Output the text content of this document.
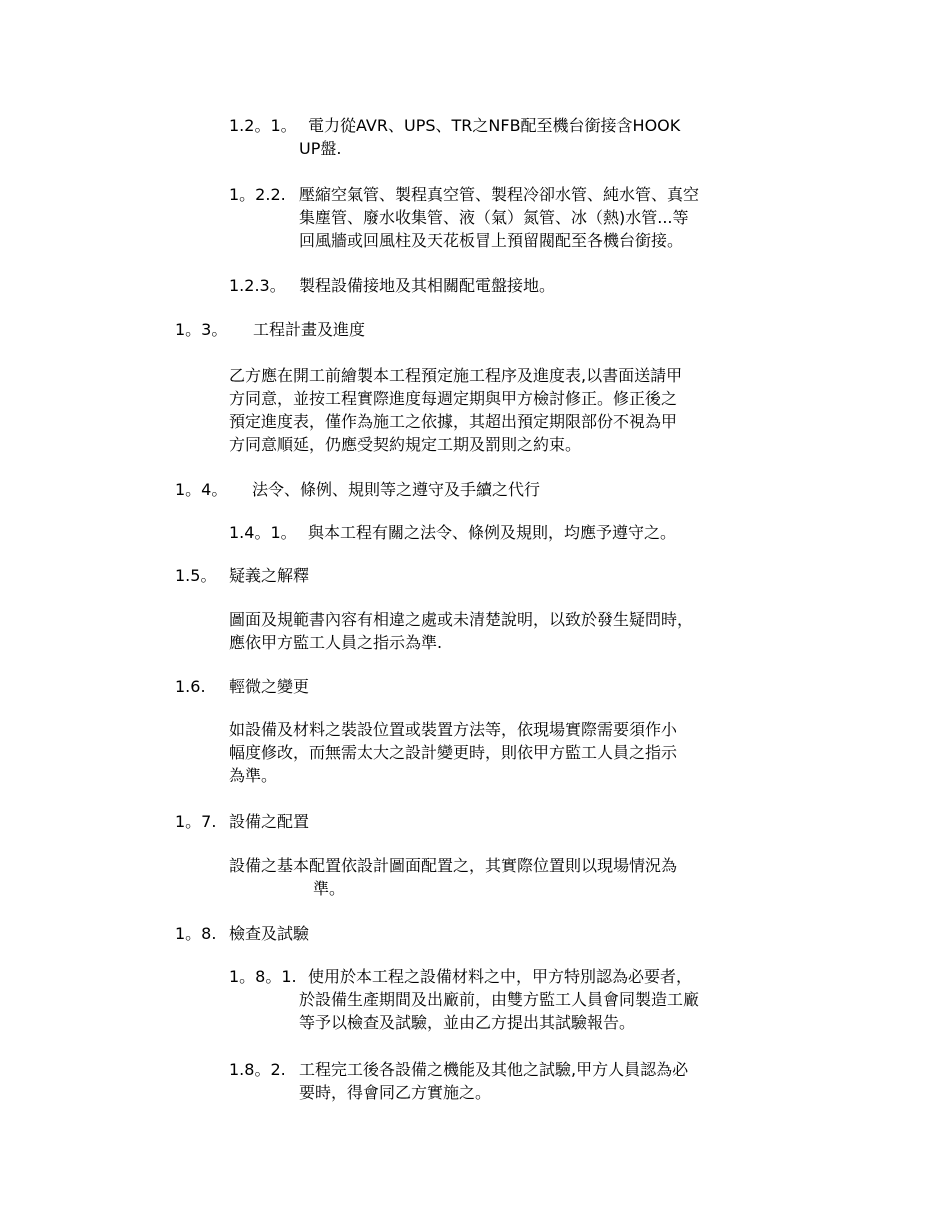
1.2。1。 電力從AVR、UPS、TR之NFB配至機台銜接含HOOK
UP盤.
1。2.2. 壓縮空氣管、製程真空管、製程冷卻水管、純水管、真空
集塵管、廢水收集管、液（氣）氮管、冰（熱)水管...等
回風牆或回風柱及天花板冒上預留閥配至各機台銜接。
1.2.3。 製程設備接地及其相關配電盤接地。
1。3。 工程計畫及進度
乙方應在開工前繪製本工程預定施工程序及進度表,以書面送請甲
方同意，並按工程實際進度每週定期與甲方檢討修正。修正後之
預定進度表，僅作為施工之依據，其超出預定期限部份不視為甲
方同意順延，仍應受契約規定工期及罰則之約束。
1。4。 法令、條例、規則等之遵守及手續之代行
1.4。1。 與本工程有關之法令、條例及規則，均應予遵守之。
1.5。 疑義之解釋
圖面及規範書內容有相違之處或未清楚說明，以致於發生疑問時，
應依甲方監工人員之指示為準.
1.6. 輕微之變更
如設備及材料之裝設位置或裝置方法等，依現場實際需要須作小
幅度修改，而無需太大之設計變更時，則依甲方監工人員之指示
為準。
1。7. 設備之配置
設備之基本配置依設計圖面配置之，其實際位置則以現場情況為
準。
1。8. 檢查及試驗
1。8。1. 使用於本工程之設備材料之中，甲方特別認為必要者，
於設備生產期間及出廠前，由雙方監工人員會同製造工廠
等予以檢查及試驗，並由乙方提出其試驗報告。
1.8。2. 工程完工後各設備之機能及其他之試驗,甲方人員認為必
要時，得會同乙方實施之。
